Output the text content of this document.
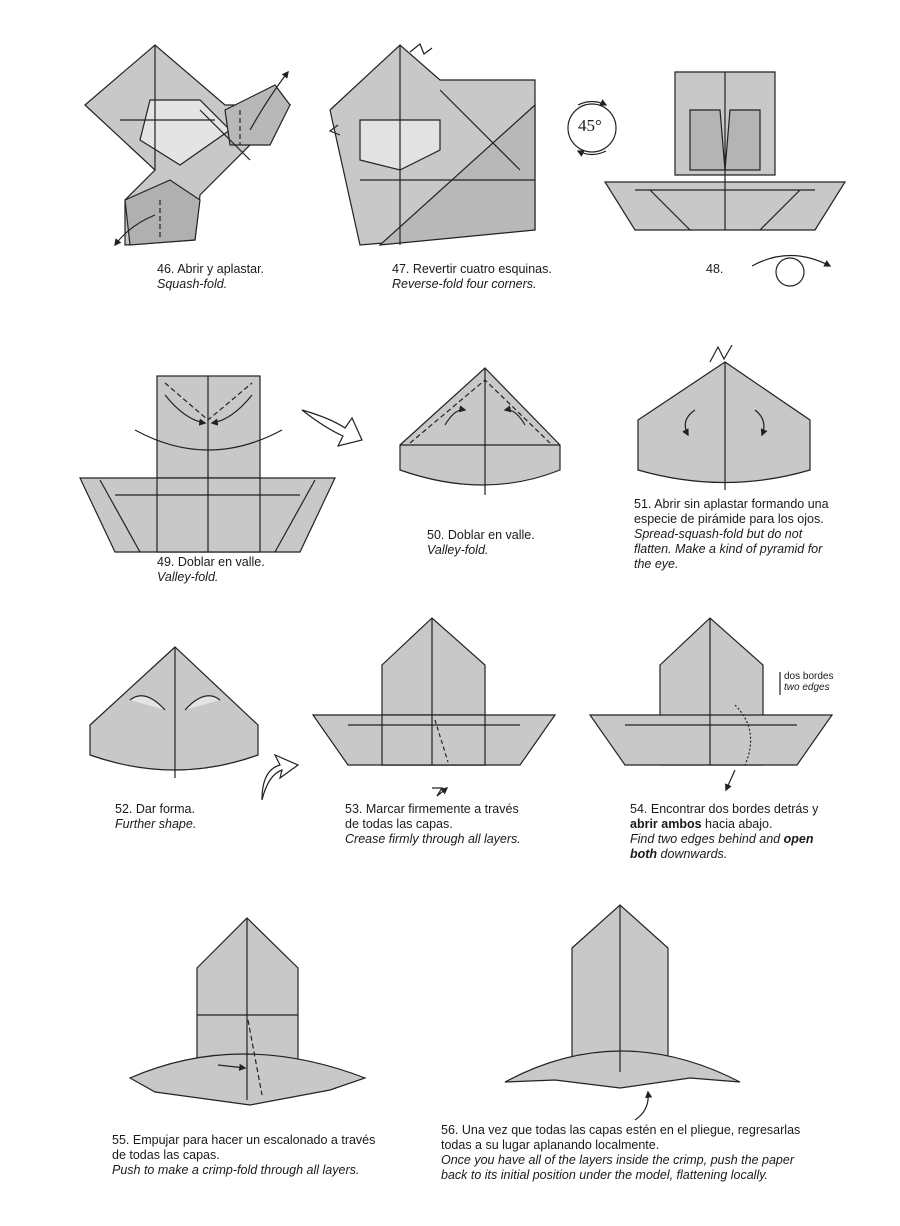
45°
46. Abrir y aplastar.
Squash-fold.
47. Revertir cuatro esquinas.
Reverse-fold four corners.
48.
49. Doblar en valle.
Valley-fold.
50. Doblar en valle.
Valley-fold.
51. Abrir sin aplastar formando una especie de pirámide para los ojos.
Spread-squash-fold but do not flatten. Make a kind of pyramid for the eye.
52. Dar forma.
Further shape.
53. Marcar firmemente a través de todas las capas.
Crease firmly through all layers.
54. Encontrar dos bordes detrás y abrir ambos hacia abajo.
Find two edges behind and open both downwards.
55. Empujar para hacer un escalonado a través de todas las capas.
Push to make a crimp-fold through all layers.
56. Una vez que todas las capas estén en el pliegue, regresarlas todas a su lugar aplanando localmente.
Once you have all of the layers inside the crimp, push the paper back to its initial position under the model, flattening locally.
dos bordes
two edges
